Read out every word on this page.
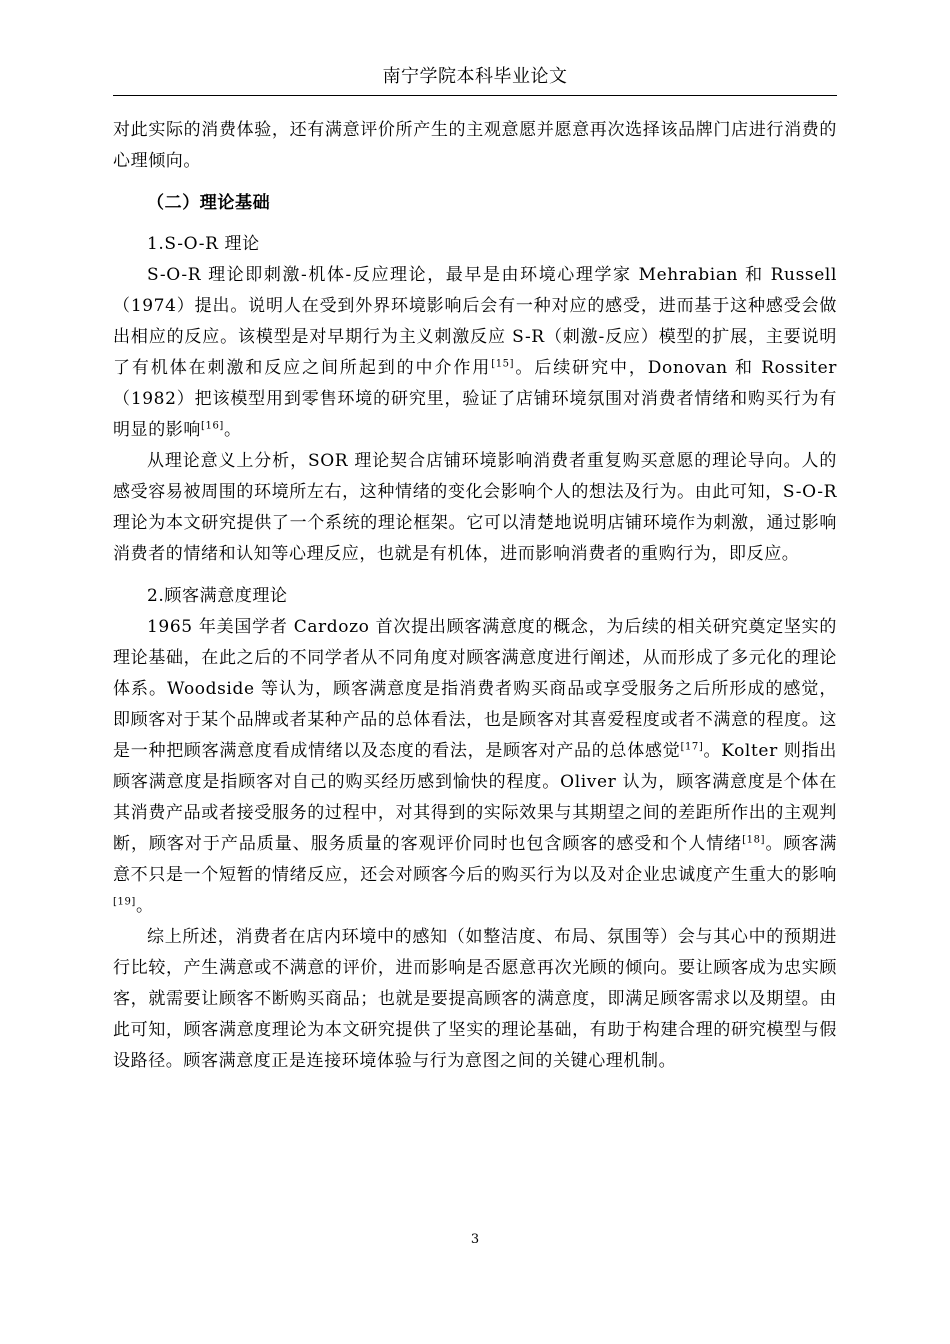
南宁学院本科毕业论文

对此实际的消费体验，还有满意评价所产生的主观意愿并愿意再次选择该品牌门店进行消费的心理倾向。

（二）理论基础

1.S-O-R 理论

S-O-R 理论即刺激-机体-反应理论，最早是由环境心理学家 Mehrabian 和 Russell（1974）提出。说明人在受到外界环境影响后会有一种对应的感受，进而基于这种感受会做出相应的反应。该模型是对早期行为主义刺激反应 S-R（刺激-反应）模型的扩展，主要说明了有机体在刺激和反应之间所起到的中介作用[15]。后续研究中，Donovan 和 Rossiter（1982）把该模型用到零售环境的研究里，验证了店铺环境氛围对消费者情绪和购买行为有明显的影响[16]。

从理论意义上分析，SOR 理论契合店铺环境影响消费者重复购买意愿的理论导向。人的感受容易被周围的环境所左右，这种情绪的变化会影响个人的想法及行为。由此可知，S-O-R 理论为本文研究提供了一个系统的理论框架。它可以清楚地说明店铺环境作为刺激，通过影响消费者的情绪和认知等心理反应，也就是有机体，进而影响消费者的重购行为，即反应。

2.顾客满意度理论

1965 年美国学者 Cardozo 首次提出顾客满意度的概念，为后续的相关研究奠定坚实的理论基础，在此之后的不同学者从不同角度对顾客满意度进行阐述，从而形成了多元化的理论体系。Woodside 等认为，顾客满意度是指消费者购买商品或享受服务之后所形成的感觉，即顾客对于某个品牌或者某种产品的总体看法，也是顾客对其喜爱程度或者不满意的程度。这是一种把顾客满意度看成情绪以及态度的看法，是顾客对产品的总体感觉[17]。Kolter 则指出顾客满意度是指顾客对自己的购买经历感到愉快的程度。Oliver 认为，顾客满意度是个体在其消费产品或者接受服务的过程中，对其得到的实际效果与其期望之间的差距所作出的主观判断，顾客对于产品质量、服务质量的客观评价同时也包含顾客的感受和个人情绪[18]。顾客满意不只是一个短暂的情绪反应，还会对顾客今后的购买行为以及对企业忠诚度产生重大的影响[19]。

综上所述，消费者在店内环境中的感知（如整洁度、布局、氛围等）会与其心中的预期进行比较，产生满意或不满意的评价，进而影响是否愿意再次光顾的倾向。要让顾客成为忠实顾客，就需要让顾客不断购买商品；也就是要提高顾客的满意度，即满足顾客需求以及期望。由此可知，顾客满意度理论为本文研究提供了坚实的理论基础，有助于构建合理的研究模型与假设路径。顾客满意度正是连接环境体验与行为意图之间的关键心理机制。

3
